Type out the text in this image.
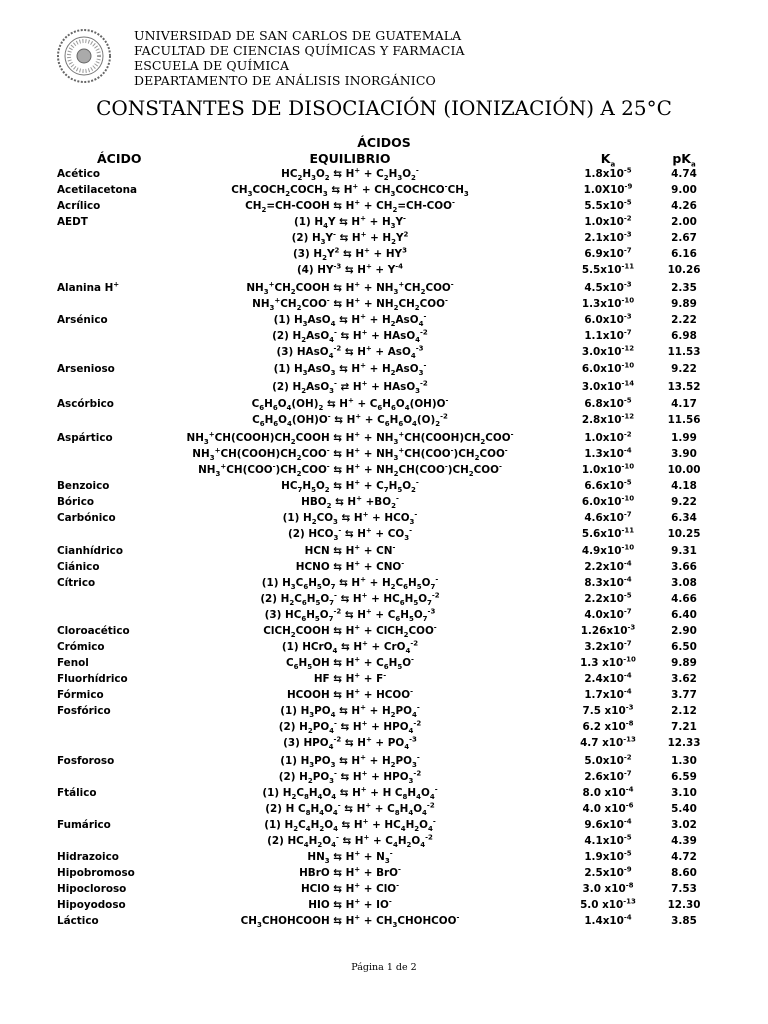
UNIVERSIDAD DE SAN CARLOS DE GUATEMALA
FACULTAD DE CIENCIAS QUÍMICAS Y FARMACIA
ESCUELA DE QUÍMICA
DEPARTAMENTO DE ANÁLISIS INORGÁNICO
CONSTANTES DE DISOCIACIÓN (IONIZACIÓN) A 25°C
ÁCIDOS
ÁCIDO	EQUILIBRIO	$K_a$	$pK_a$
Acético	$HC_2H_3O_2$ ⇆ $H^+ + C_2H_3O_2^-$	$1.8x10^{-5}$	4.74
Acetilacetona	$CH_3COCH_2COCH_3$ ⇆ $H^+ + CH_3COCHCO^-CH_3$	$1.0X10^{-9}$	9.00
Acrílico	$CH_2=CH$-COOH ⇆ $H^+ + CH_2=CH-COO^-$	$5.5x10^{-5}$	4.26
AEDT	(1) $H_4Y$ ⇆ $H^+ + H_3Y^-$	$1.0x10^{-2}$	2.00
(2) $H_3Y^-$ ⇆ $H^+ + H_2Y^2$	$2.1x10^{-3}$	2.67
(3) $H_2Y^2$ ⇆ $H^+ + HY^3$	$6.9x10^{-7}$	6.16
(4) $HY^{-3}$ ⇆ $H^+ + Y^{-4}$	$5.5x10^{-11}$	10.26
Alanina H+	$NH_3^+CH_2COOH$ ⇆ $H^+ + NH_3^+CH_2COO^-$	$4.5x10^{-3}$	2.35
$NH_3^+CH_2COO^-$ ⇆ $H^+ + NH_2CH_2COO^-$	$1.3x10^{-10}$	9.89
Arsénico	(1) $H_3AsO_4$ ⇆ $H^+ + H_2AsO_4^-$	$6.0x10^{-3}$	2.22
(2) $H_2AsO_4^-$ ⇆ H+ + HAsO$_4^{-2}$	$1.1x10^{-7}$	6.98
(3) HAsO$_4^{-2}$ ⇆ H+ + AsO$_4^{-3}$	$3.0x10^{-12}$	11.53
Arsenioso	(1) $H_3AsO_3$ ⇆ $H^+ + H_2AsO_3^-$	$6.0x10^{-10}$	9.22
(2) $H_2AsO_3^-$ ⇄ H+ + HAsO$_3^{-2}$	$3.0x10^{-14}$	13.52
Ascórbico	$C_6H_6O_4(OH)_2$ ⇆ $H^+ + C_6H_6O_4(OH)O^-$	$6.8x10^{-5}$	4.17
$C_6H_6O_4(OH)O^-$ ⇆ $H^+ + C_6H_6O_4(O)_2^{-2}$	$2.8x10^{-12}$	11.56
Aspártico	$NH_3^+CH(COOH)CH_2COOH$ ⇆ $H^+ + NH_3^+CH(COOH)CH_2COO^-$	$1.0x10^{-2}$	1.99
$NH_3^+CH(COOH)CH_2COO^-$ ⇆ $H^+ + NH_3^+CH(COO^-)CH_2COO^-$	$1.3x10^{-4}$	3.90
$NH_3^+CH(COO^-)CH_2COO^-$ ⇆ $H^+ + NH_2CH(COO^-)CH_2COO^-$	$1.0x10^{-10}$	10.00
Benzoico	$HC_7H_5O_2$ ⇆ $H^+ + C_7H_5O_2^-$	$6.6x10^{-5}$	4.18
Bórico	$HBO_2$ ⇆ $H^+ +BO_2^-$	$6.0x10^{-10}$	9.22
Carbónico	(1) $H_2CO_3$ ⇆ $H^+ + HCO_3^-$	$4.6x10^{-7}$	6.34
(2) $HCO_3^-$ ⇆ $H^+ + CO_3^-$	$5.6x10^{-11}$	10.25
Cianhídrico	HCN ⇆ H+ + CN-	$4.9x10^{-10}$	9.31
Ciánico	HCNO ⇆ H+ + CNO-	$2.2x10^{-4}$	3.66
Cítrico	(1) $H_3C_6H_5O_7$ ⇆ $H^+ + H_2C_6H_5O_7^-$	$8.3x10^{-4}$	3.08
(2) $H_2C_6H_5O_7^-$ ⇆ $H^+ + HC_6H_5O_7^{-2}$	$2.2x10^{-5}$	4.66
(3) $HC_6H_5O_7^{-2}$ ⇆ $H^+ + C_6H_5O_7^{-3}$	$4.0x10^{-7}$	6.40
Cloroacético	ClCH$_2$COOH ⇆ H+ + ClCH$_2$COO-	$1.26x10^{-3}$	2.90
Crómico	(1) HCrO$_4$ ⇆ H+ + CrO$_4^{-2}$	$3.2x10^{-7}$	6.50
Fenol	$C_6H_5OH$ ⇆ $H^+ + C_6H_5O^-$	1.3 $x10^{-10}$	9.89
Fluorhídrico	HF ⇆ H+ + F-	$2.4x10^{-4}$	3.62
Fórmico	HCOOH ⇆ H+ + HCOO-	$1.7x10^{-4}$	3.77
Fosfórico	(1) $H_3PO_4$ ⇆ $H^+ + H_2PO_4^-$	7.5 $x10^{-3}$	2.12
(2) $H_2PO_4^-$ ⇆ $H^+ + HPO_4^{-2}$	6.2 $x10^{-8}$	7.21
(3) $HPO_4^{-2}$ ⇆ $H^+ + PO_4^{-3}$	4.7 $x10^{-13}$	12.33
Fosforoso	(1) $H_3PO_3$ ⇆ $H^+ + H_2PO_3^-$	$5.0x10^{-2}$	1.30
(2) $H_2PO_3^-$ ⇆ $H^+ + HPO_3^{-2}$	$2.6x10^{-7}$	6.59
Ftálico	(1) $H_2C_8H_4O_4$ ⇆ H+ + H $C_8H_4O_4^-$	8.0 $x10^{-4}$	3.10
(2) H $C_8H_4O_4^-$ ⇆ $H^+ + C_8H_4O_4^{-2}$	4.0 $x10^{-6}$	5.40
Fumárico	(1) $H_2C_4H_2O_4$ ⇆ $H^+ + HC_4H_2O_4^-$	$9.6x10^{-4}$	3.02
(2) $HC_4H_2O_4^-$ ⇆ $H^+ + C_4H_2O_4^{-2}$	$4.1x10^{-5}$	4.39
Hidrazoico	$HN_3$ ⇆ $H^+ + N_3^-$	$1.9x10^{-5}$	4.72
Hipobromoso	HBrO ⇆ H+ + BrO-	$2.5x10^{-9}$	8.60
Hipocloroso	HClO ⇆ H+ + ClO-	3.0 $x10^{-8}$	7.53
Hipoyodoso	HIO ⇆ H+ + IO-	5.0 $x10^{-13}$	12.30
Láctico	$CH_3CHOHCOOH$ ⇆ $H^+ + CH_3CHOHCOO^-$	$1.4x10^{-4}$	3.85
Página 1 de 2
